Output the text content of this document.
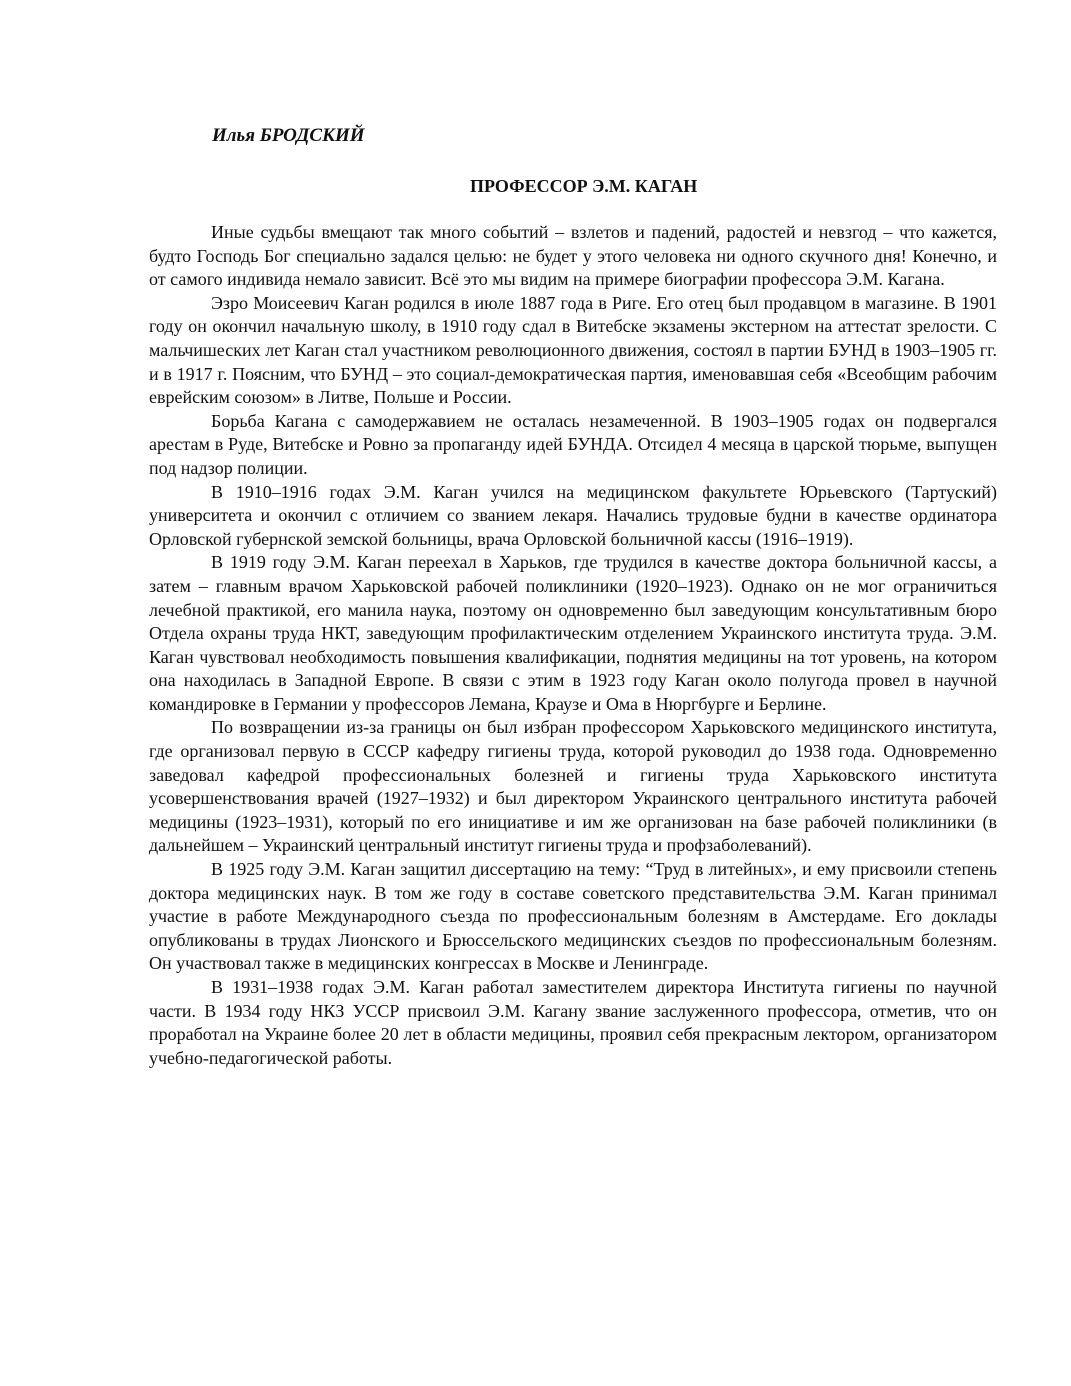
Илья БРОДСКИЙ

ПРОФЕССОР Э.М. КАГАН

Иные судьбы вмещают так много событий – взлетов и падений, радостей и невзгод – что кажется, будто Господь Бог специально задался целью: не будет у этого человека ни одного скучного дня! Конечно, и от самого индивида немало зависит. Всё это мы видим на примере биографии профессора Э.М. Кагана.

Эзро Моисеевич Каган родился в июле 1887 года в Риге. Его отец был продавцом в магазине. В 1901 году он окончил начальную школу, в 1910 году сдал в Витебске экзамены экстерном на аттестат зрелости. С мальчишеских лет Каган стал участником революционного движения, состоял в партии БУНД в 1903–1905 гг. и в 1917 г. Поясним, что БУНД – это социал-демократическая партия, именовавшая себя «Всеобщим рабочим еврейским союзом» в Литве, Польше и России.

Борьба Кагана с самодержавием не осталась незамеченной. В 1903–1905 годах он подвергался арестам в Руде, Витебске и Ровно за пропаганду идей БУНДА. Отсидел 4 месяца в царской тюрьме, выпущен под надзор полиции.

В 1910–1916 годах Э.М. Каган учился на медицинском факультете Юрьевского (Тартуский) университета и окончил с отличием со званием лекаря. Начались трудовые будни в качестве ординатора Орловской губернской земской больницы, врача Орловской больничной кассы (1916–1919).

В 1919 году Э.М. Каган переехал в Харьков, где трудился в качестве доктора больничной кассы, а затем – главным врачом Харьковской рабочей поликлиники (1920–1923). Однако он не мог ограничиться лечебной практикой, его манила наука, поэтому он одновременно был заведующим консультативным бюро Отдела охраны труда НКТ, заведующим профилактическим отделением Украинского института труда. Э.М. Каган чувствовал необходимость повышения квалификации, поднятия медицины на тот уровень, на котором она находилась в Западной Европе. В связи с этим в 1923 году Каган около полугода провел в научной командировке в Германии у профессоров Лемана, Краузе и Ома в Нюргбурге и Берлине.

По возвращении из-за границы он был избран профессором Харьковского медицинского института, где организовал первую в СССР кафедру гигиены труда, которой руководил до 1938 года. Одновременно заведовал кафедрой профессиональных болезней и гигиены труда Харьковского института усовершенствования врачей (1927–1932) и был директором Украинского центрального института рабочей медицины (1923–1931), который по его инициативе и им же организован на базе рабочей поликлиники (в дальнейшем – Украинский центральный институт гигиены труда и профзаболеваний).

В 1925 году Э.М. Каган защитил диссертацию на тему: “Труд в литейных», и ему присвоили степень доктора медицинских наук. В том же году в составе советского представительства Э.М. Каган принимал участие в работе Международного съезда по профессиональным болезням в Амстердаме. Его доклады опубликованы в трудах Лионского и Брюссельского медицинских съездов по профессиональным болезням. Он участвовал также в медицинских конгрессах в Москве и Ленинграде.

В 1931–1938 годах Э.М. Каган работал заместителем директора Института гигиены по научной части. В 1934 году НКЗ УССР присвоил Э.М. Кагану звание заслуженного профессора, отметив, что он проработал на Украине более 20 лет в области медицины, проявил себя прекрасным лектором, организатором учебно-педагогической работы.
